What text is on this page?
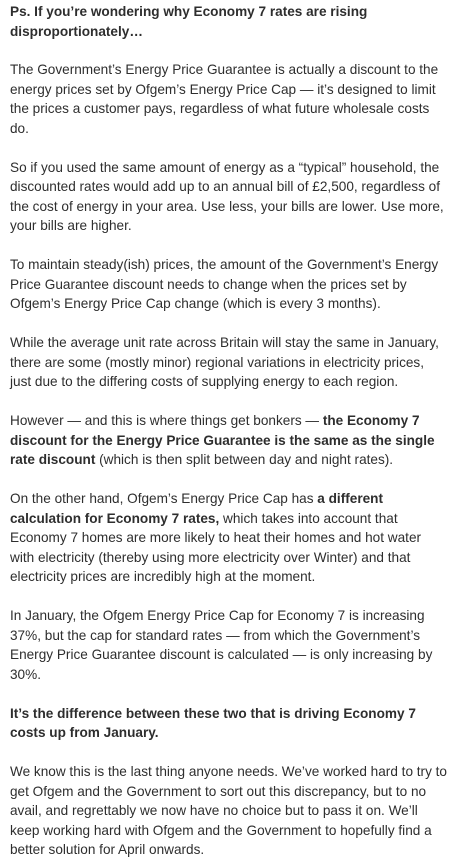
Ps. If you’re wondering why Economy 7 rates are rising disproportionately…

The Government’s Energy Price Guarantee is actually a discount to the energy prices set by Ofgem’s Energy Price Cap — it’s designed to limit the prices a customer pays, regardless of what future wholesale costs do.

So if you used the same amount of energy as a “typical” household, the discounted rates would add up to an annual bill of £2,500, regardless of the cost of energy in your area. Use less, your bills are lower. Use more, your bills are higher.

To maintain steady(ish) prices, the amount of the Government’s Energy Price Guarantee discount needs to change when the prices set by Ofgem’s Energy Price Cap change (which is every 3 months).

While the average unit rate across Britain will stay the same in January, there are some (mostly minor) regional variations in electricity prices, just due to the differing costs of supplying energy to each region.

However — and this is where things get bonkers — the Economy 7 discount for the Energy Price Guarantee is the same as the single rate discount (which is then split between day and night rates).

On the other hand, Ofgem’s Energy Price Cap has a different calculation for Economy 7 rates, which takes into account that Economy 7 homes are more likely to heat their homes and hot water with electricity (thereby using more electricity over Winter) and that electricity prices are incredibly high at the moment.

In January, the Ofgem Energy Price Cap for Economy 7 is increasing 37%, but the cap for standard rates — from which the Government’s Energy Price Guarantee discount is calculated — is only increasing by 30%.

It’s the difference between these two that is driving Economy 7 costs up from January.

We know this is the last thing anyone needs. We’ve worked hard to try to get Ofgem and the Government to sort out this discrepancy, but to no avail, and regrettably we now have no choice but to pass it on. We’ll keep working hard with Ofgem and the Government to hopefully find a better solution for April onwards.
